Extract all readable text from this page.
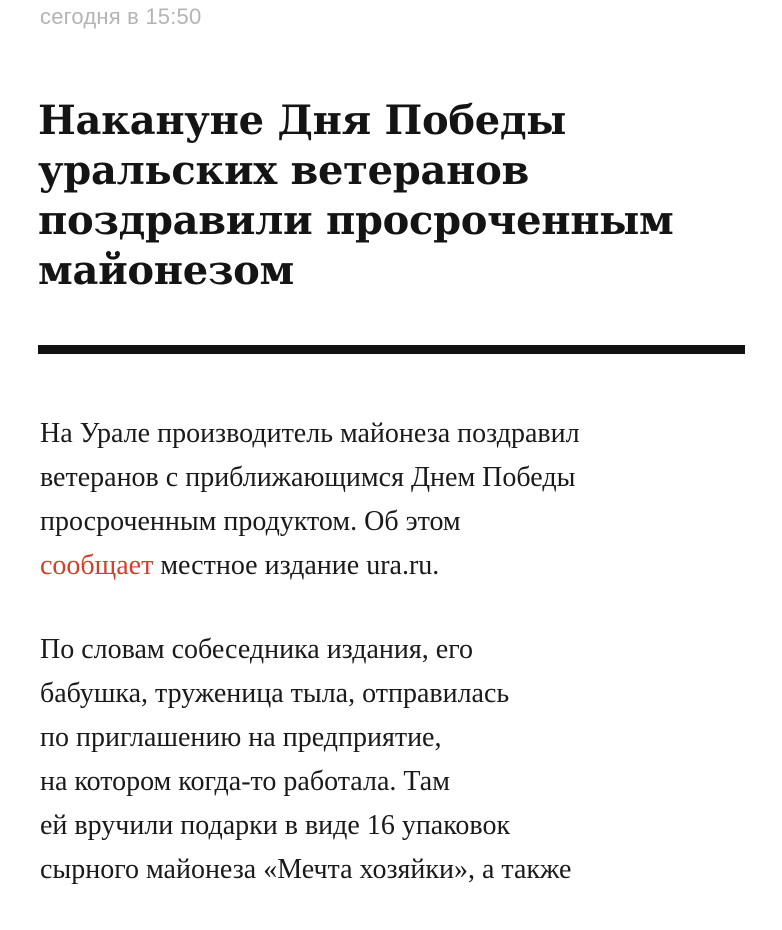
сегодня в 15:50
Накануне Дня Победы
уральских ветеранов
поздравили просроченным
майонезом

На Урале производитель майонеза поздравил
ветеранов с приближающимся Днем Победы
просроченным продуктом. Об этом
сообщает местное издание ura.ru.

По словам собеседника издания, его
бабушка, труженица тыла, отправилась
по приглашению на предприятие,
на котором когда-то работала. Там
ей вручили подарки в виде 16 упаковок
сырного майонеза «Мечта хозяйки», а также
